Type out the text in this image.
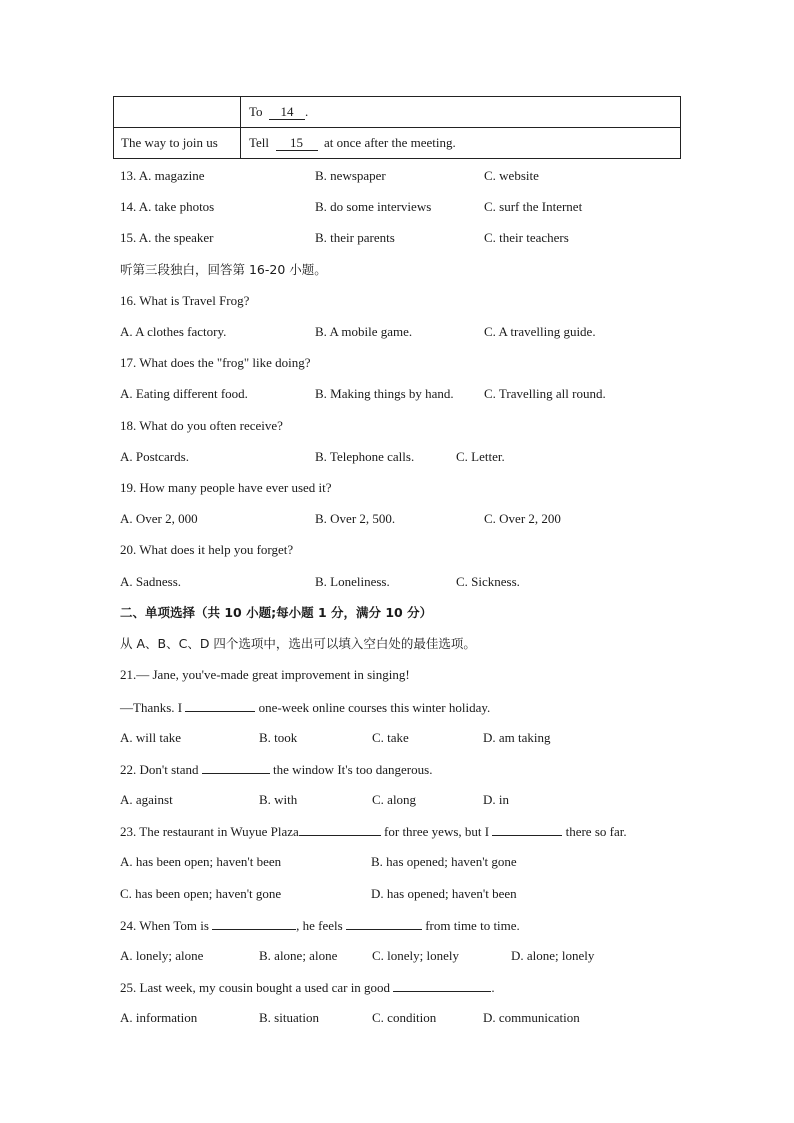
	To 14 .
The way to join us	Tell 15 at once after the meeting.
13. A. magazine	B. newspaper	C. website
14. A. take photos	B. do some interviews	C. surf the Internet
15. A. the speaker	B. their parents	C. their teachers
听第三段独白，回答第 16-20 小题。
16. What is Travel Frog?
A. A clothes factory.	B. A mobile game.	C. A travelling guide.
17. What does the "frog" like doing?
A. Eating different food.	B. Making things by hand. C. Travelling all round.
18. What do you often receive?
A. Postcards.	B. Telephone calls.	C. Letter.
19. How many people have ever used it?
A. Over 2, 000	B. Over 2, 500.	C. Over 2, 200
20. What does it help you forget?
A. Sadness.	B. Loneliness.	C. Sickness.
二、单项选择（共 10 小题;每小题 1 分，满分 10 分）
从 A、B、C、D 四个选项中，选出可以填入空白处的最佳选项。
21.— Jane, you've-made great improvement in singing!
—Thanks. I	one-week online courses this winter holiday.
A. will take	B. took	C. take	D. am taking
22. Don't stand	the window It's too dangerous.
A. against	B. with	C. along	D. in
23. The restaurant in Wuyue Plaza	for three yews, but I	there so far.
A. has been open; haven't been	B. has opened; haven't gone
C. has been open; haven't gone	D. has opened; haven't been
24. When Tom is	, he feels	from time to time.
A. lonely; alone	B. alone; alone	C. lonely; lonely	D. alone; lonely
25. Last week, my cousin bought a used car in good	.
A. information	B. situation	C. condition	D. communication
